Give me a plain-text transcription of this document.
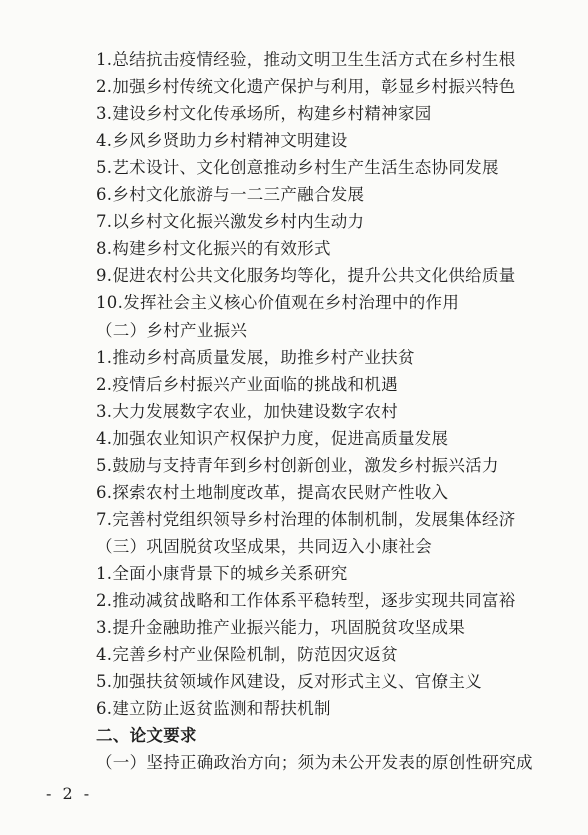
1.总结抗击疫情经验，推动文明卫生生活方式在乡村生根
2.加强乡村传统文化遗产保护与利用，彰显乡村振兴特色
3.建设乡村文化传承场所，构建乡村精神家园
4.乡风乡贤助力乡村精神文明建设
5.艺术设计、文化创意推动乡村生产生活生态协同发展
6.乡村文化旅游与一二三产融合发展
7.以乡村文化振兴激发乡村内生动力
8.构建乡村文化振兴的有效形式
9.促进农村公共文化服务均等化，提升公共文化供给质量
10.发挥社会主义核心价值观在乡村治理中的作用
（二）乡村产业振兴
1.推动乡村高质量发展，助推乡村产业扶贫
2.疫情后乡村振兴产业面临的挑战和机遇
3.大力发展数字农业，加快建设数字农村
4.加强农业知识产权保护力度，促进高质量发展
5.鼓励与支持青年到乡村创新创业，激发乡村振兴活力
6.探索农村土地制度改革，提高农民财产性收入
7.完善村党组织领导乡村治理的体制机制，发展集体经济
（三）巩固脱贫攻坚成果，共同迈入小康社会
1.全面小康背景下的城乡关系研究
2.推动减贫战略和工作体系平稳转型，逐步实现共同富裕
3.提升金融助推产业振兴能力，巩固脱贫攻坚成果
4.完善乡村产业保险机制，防范因灾返贫
5.加强扶贫领域作风建设，反对形式主义、官僚主义
6.建立防止返贫监测和帮扶机制
二、论文要求
（一）坚持正确政治方向；须为未公开发表的原创性研究成
- 2 -
